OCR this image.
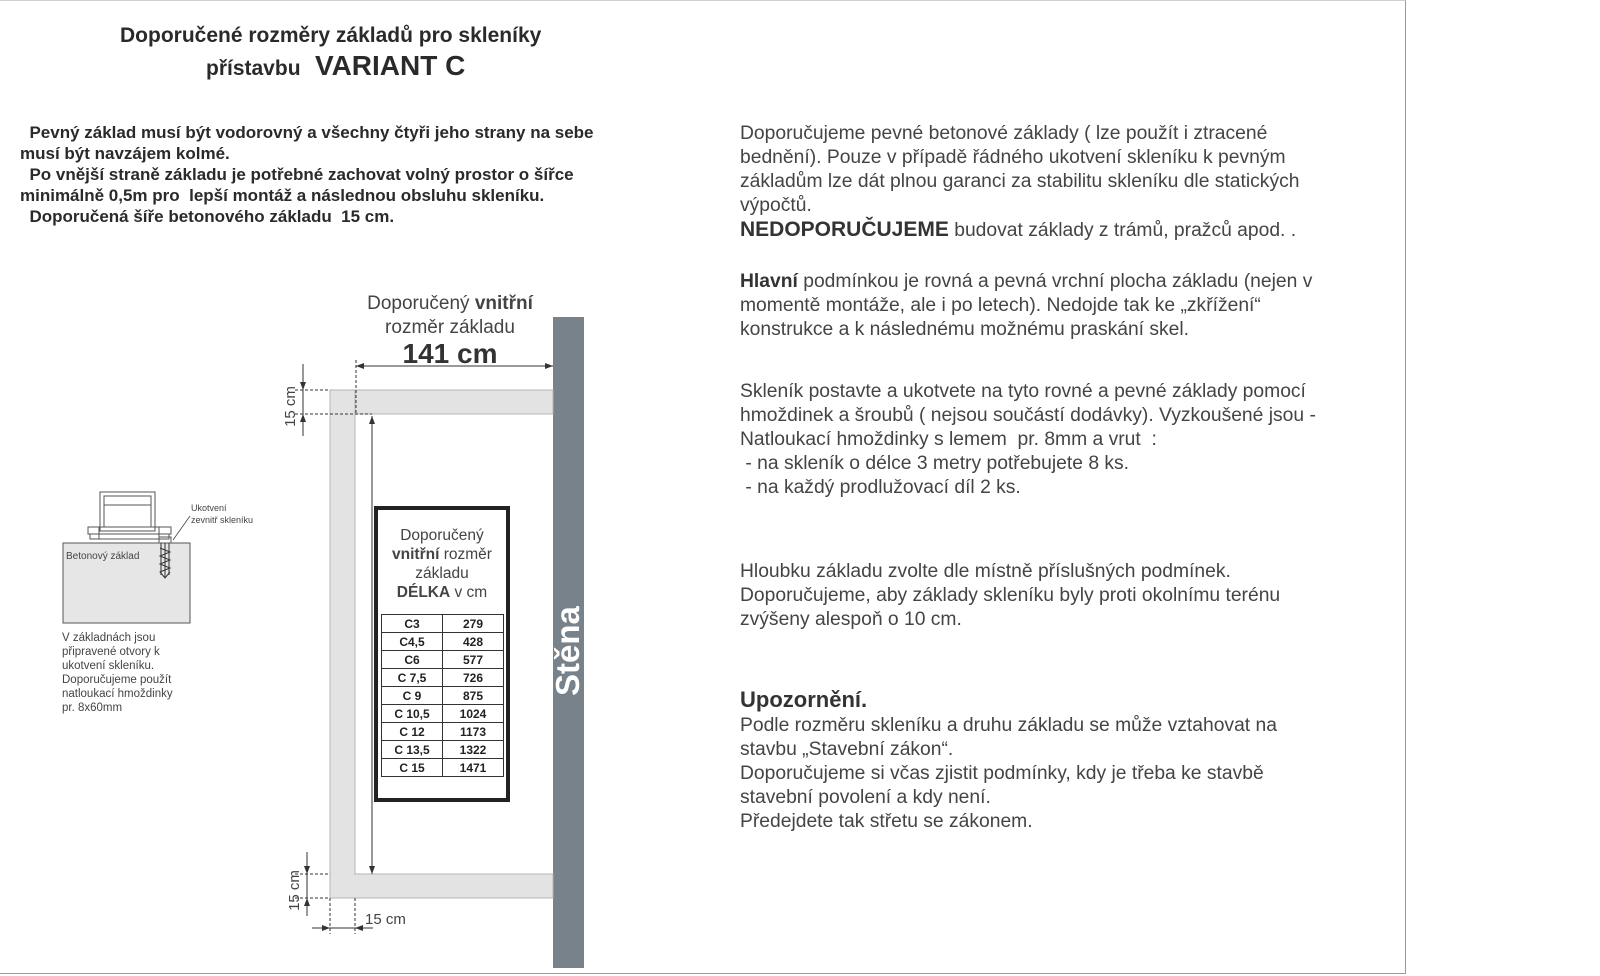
Doporučené rozměry základů pro skleníky
přístavbu VARIANT C
Pevný základ musí být vodorovný a všechny čtyři jeho strany na sebe
musí být navzájem kolmé.
Po vnější straně základu je potřebné zachovat volný prostor o šířce
minimálně 0,5m pro  lepší montáž a následnou obsluhu skleníku.
Doporučená šíře betonového základu  15 cm.
Doporučený vnitřní
rozměr základu
141 cm
15 cm
15 cm
15 cm
Stěna
Doporučený
vnitřní rozměr
základu
DÉLKA v cm
C3	279
C4,5	428
C6	577
C 7,5	726
C 9	875
C 10,5	1024
C 12	1173
C 13,5	1322
C 15	1471
Ukotvení
zevnitř skleníku
Betonový základ
V základnách jsou
připravené otvory k
ukotvení skleníku.
Doporučujeme použít
natloukací hmoždinky
pr. 8x60mm
Doporučujeme pevné betonové základy ( lze použít i ztracené
bednění). Pouze v případě řádného ukotvení skleníku k pevným
základům lze dát plnou garanci za stabilitu skleníku dle statických
výpočtů.
NEDOPORUČUJEME budovat základy z trámů, pražců apod. .
Hlavní podmínkou je rovná a pevná vrchní plocha základu (nejen v
momentě montáže, ale i po letech). Nedojde tak ke „zkřížení“
konstrukce a k následnému možnému praskání skel.
Skleník postavte a ukotvete na tyto rovné a pevné základy pomocí
hmoždinek a šroubů ( nejsou součástí dodávky). Vyzkoušené jsou -
Natloukací hmoždinky s lemem  pr. 8mm a vrut  :
- na skleník o délce 3 metry potřebujete 8 ks.
- na každý prodlužovací díl 2 ks.
Hloubku základu zvolte dle místně příslušných podmínek.
Doporučujeme, aby základy skleníku byly proti okolnímu terénu
zvýšeny alespoň o 10 cm.
Upozornění.
Podle rozměru skleníku a druhu základu se může vztahovat na
stavbu „Stavební zákon“.
Doporučujeme si včas zjistit podmínky, kdy je třeba ke stavbě
stavební povolení a kdy není.
Předejdete tak střetu se zákonem.
